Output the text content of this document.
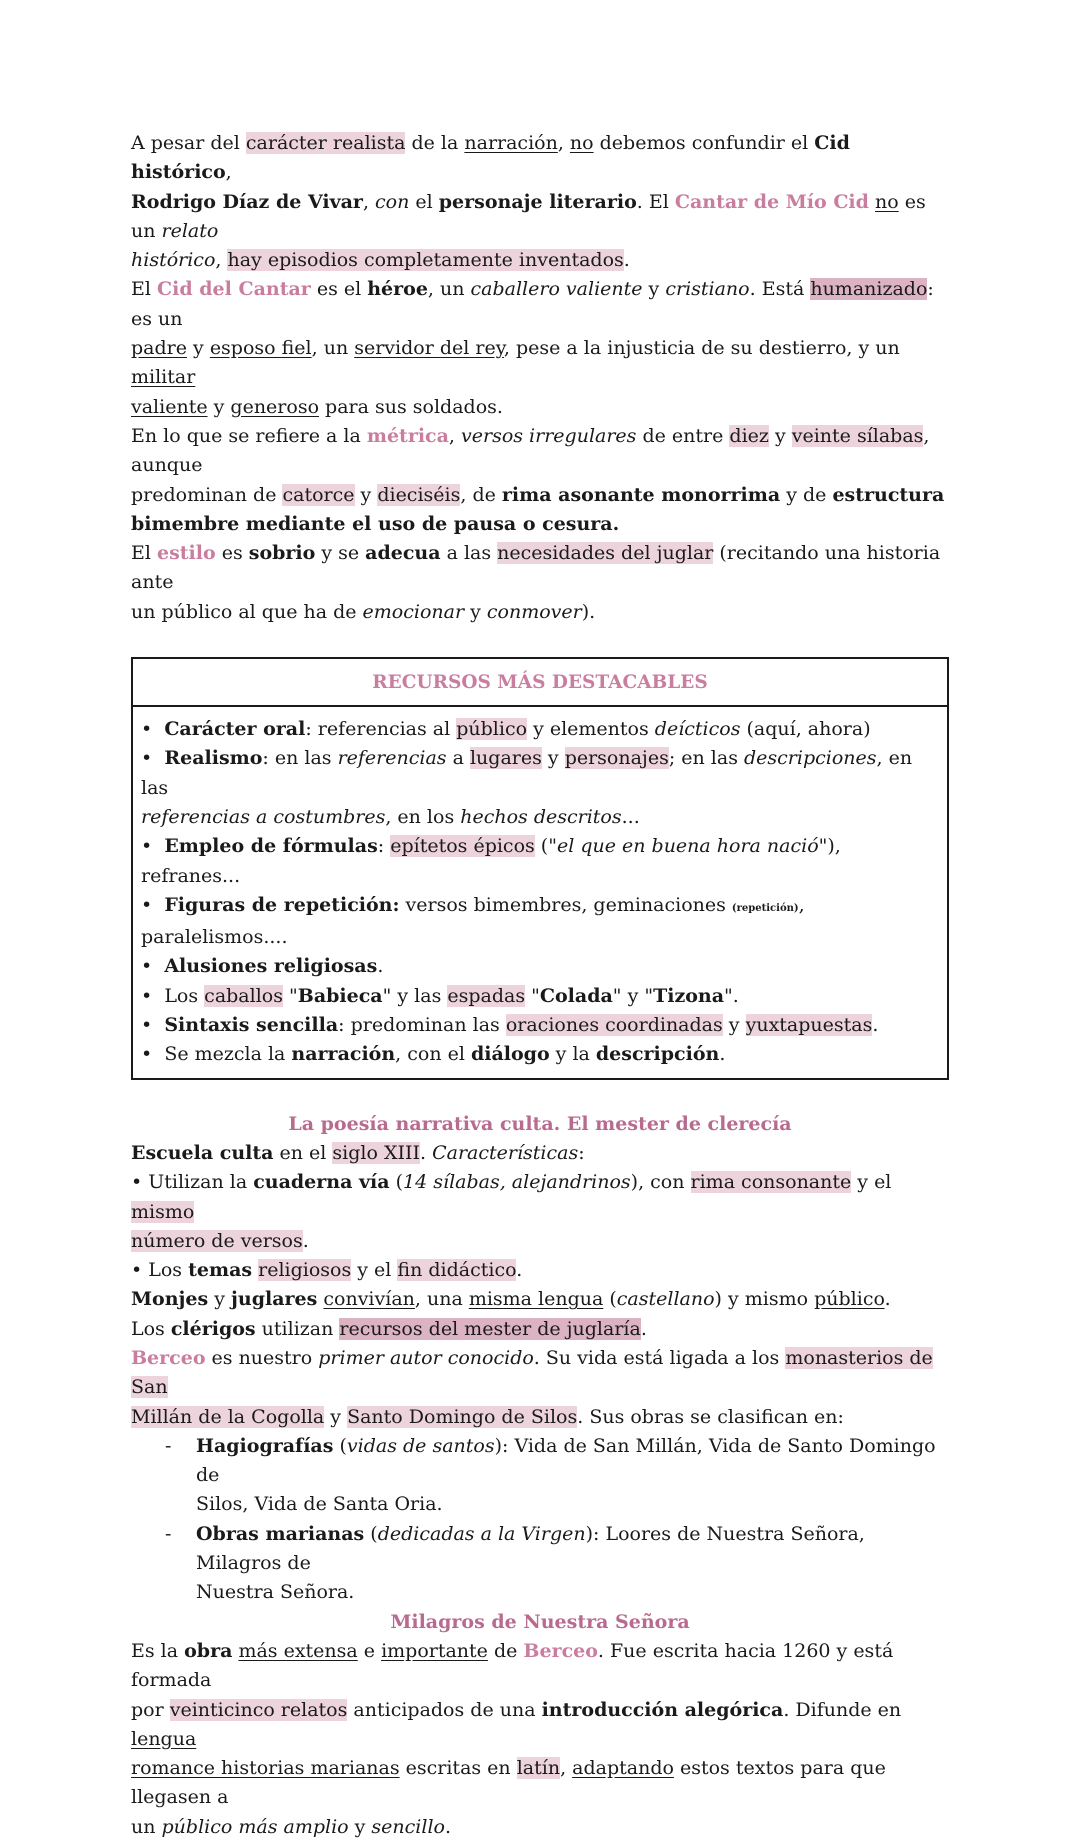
A pesar del carácter realista de la narración, no debemos confundir el Cid histórico,

Rodrigo Díaz de Vivar, con el personaje literario. El Cantar de Mío Cid no es un relato

histórico, hay episodios completamente inventados.

El Cid del Cantar es el héroe, un caballero valiente y cristiano. Está humanizado: es un

padre y esposo fiel, un servidor del rey, pese a la injusticia de su destierro, y un militar

valiente y generoso para sus soldados.

En lo que se refiere a la métrica, versos irregulares de entre diez y veinte sílabas, aunque

predominan de catorce y dieciséis, de rima asonante monorrima y de estructura

bimembre mediante el uso de pausa o cesura.

El estilo es sobrio y se adecua a las necesidades del juglar (recitando una historia ante

un público al que ha de emocionar y conmover).

RECURSOS MÁS DESTACABLES

• Carácter oral: referencias al público y elementos deícticos (aquí, ahora)

• Realismo: en las referencias a lugares y personajes; en las descripciones, en las

referencias a costumbres, en los hechos descritos...

• Empleo de fórmulas: epítetos épicos ("el que en buena hora nació"), refranes...

• Figuras de repetición: versos bimembres, geminaciones (repetición), paralelismos....

• Alusiones religiosas.

• Los caballos "Babieca" y las espadas "Colada" y "Tizona".

• Sintaxis sencilla: predominan las oraciones coordinadas y yuxtapuestas.

• Se mezcla la narración, con el diálogo y la descripción.

La poesía narrativa culta. El mester de clerecía

Escuela culta en el siglo XIII. Características:

• Utilizan la cuaderna vía (14 sílabas, alejandrinos), con rima consonante y el mismo

número de versos.

• Los temas religiosos y el fin didáctico.

Monjes y juglares convivían, una misma lengua (castellano) y mismo público.

Los clérigos utilizan recursos del mester de juglaría.

Berceo es nuestro primer autor conocido. Su vida está ligada a los monasterios de San

Millán de la Cogolla y Santo Domingo de Silos. Sus obras se clasifican en:

-	Hagiografías (vidas de santos): Vida de San Millán, Vida de Santo Domingo de
Silos, Vida de Santa Oria.
-	Obras marianas (dedicadas a la Virgen): Loores de Nuestra Señora, Milagros de
Nuestra Señora.
Milagros de Nuestra Señora

Es la obra más extensa e importante de Berceo. Fue escrita hacia 1260 y está formada

por veinticinco relatos anticipados de una introducción alegórica. Difunde en lengua

romance historias marianas escritas en latín, adaptando estos textos para que llegasen a

un público más amplio y sencillo.
